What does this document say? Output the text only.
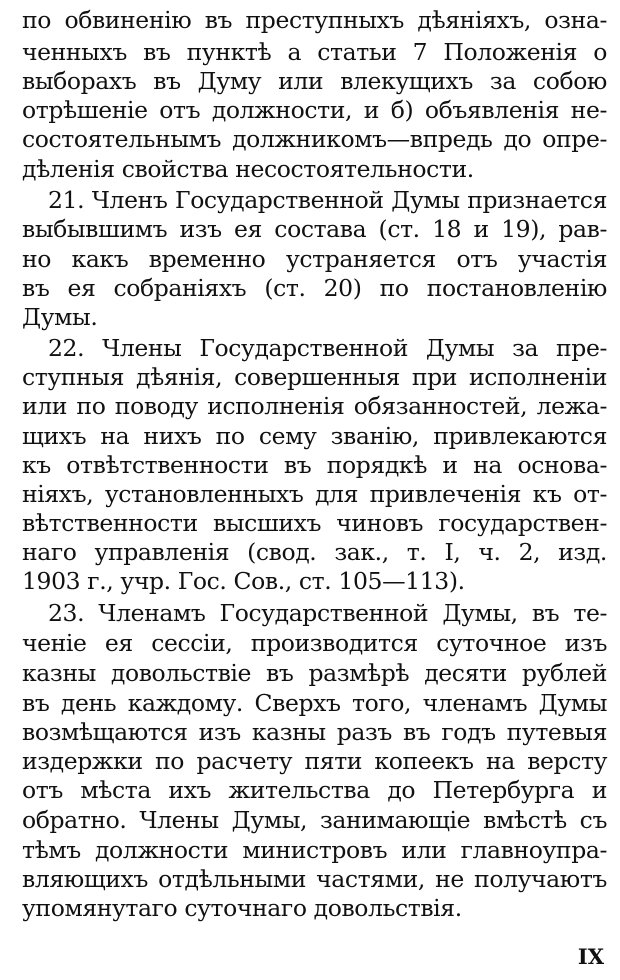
по обвиненію въ преступныхъ дѣяніяхъ, озна-
ченныхъ въ пунктѣ а статьи 7 Положенія о
выборахъ въ Думу или влекущихъ за собою
отрѣшеніе отъ должности, и б) объявленія не-
состоятельнымъ должникомъ—впредь до опре-
дѣленія свойства несостоятельности.
21. Членъ Государственной Думы признается
выбывшимъ изъ ея состава (ст. 18 и 19), рав-
но какъ временно устраняется отъ участія
въ ея собраніяхъ (ст. 20) по постановленію
Думы.
22. Члены Государственной Думы за пре-
ступныя дѣянія, совершенныя при исполненіи
или по поводу исполненія обязанностей, лежа-
щихъ на нихъ по сему званію, привлекаются
къ отвѣтственности въ порядкѣ и на основа-
ніяхъ, установленныхъ для привлеченія къ от-
вѣтственности высшихъ чиновъ государствен-
наго управленія (свод. зак., т. I, ч. 2, изд.
1903 г., учр. Гос. Сов., ст. 105—113).
23. Членамъ Государственной Думы, въ те-
ченіе ея сессіи, производится суточное изъ
казны довольствіе въ размѣрѣ десяти рублей
въ день каждому. Сверхъ того, членамъ Думы
возмѣщаются изъ казны разъ въ годъ путевыя
издержки по расчету пяти копеекъ на версту
отъ мѣста ихъ жительства до Петербурга и
обратно. Члены Думы, занимающіе вмѣстѣ съ
тѣмъ должности министровъ или главноупра-
вляющихъ отдѣльными частями, не получаютъ
упомянутаго суточнаго довольствія.
IX
